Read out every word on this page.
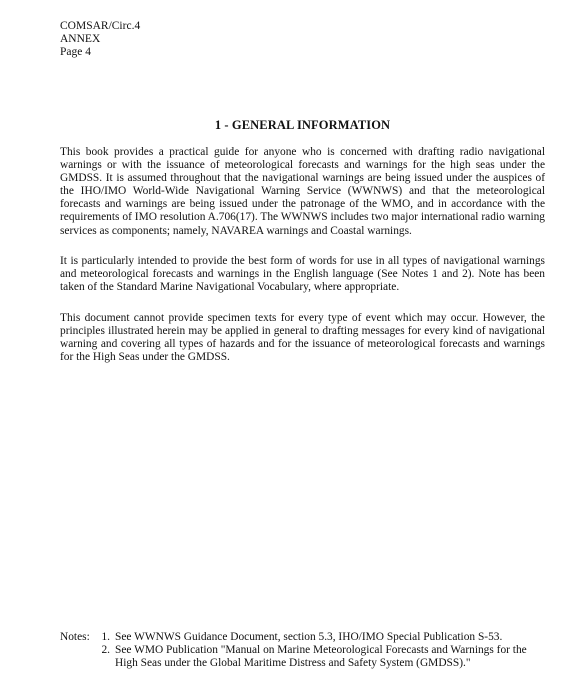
COMSAR/Circ.4
ANNEX
Page 4
1 - GENERAL INFORMATION

This book provides a practical guide for anyone who is concerned with drafting radio navigational warnings or with the issuance of meteorological forecasts and warnings for the high seas under the GMDSS. It is assumed throughout that the navigational warnings are being issued under the auspices of the IHO/IMO World-Wide Navigational Warning Service (WWNWS) and that the meteorological forecasts and warnings are being issued under the patronage of the WMO, and in accordance with the requirements of IMO resolution A.706(17). The WWNWS includes two major international radio warning services as components; namely, NAVAREA warnings and Coastal warnings.

It is particularly intended to provide the best form of words for use in all types of navigational warnings and meteorological forecasts and warnings in the English language (See Notes 1 and 2). Note has been taken of the Standard Marine Navigational Vocabulary, where appropriate.

This document cannot provide specimen texts for every type of event which may occur. However, the principles illustrated herein may be applied in general to drafting messages for every kind of navigational warning and covering all types of hazards and for the issuance of meteorological forecasts and warnings for the High Seas under the GMDSS.

Notes:	1. See WWNWS Guidance Document, section 5.3, IHO/IMO Special Publication S-53.
2. See WMO Publication "Manual on Marine Meteorological Forecasts and Warnings for the High Seas under the Global Maritime Distress and Safety System (GMDSS)."
